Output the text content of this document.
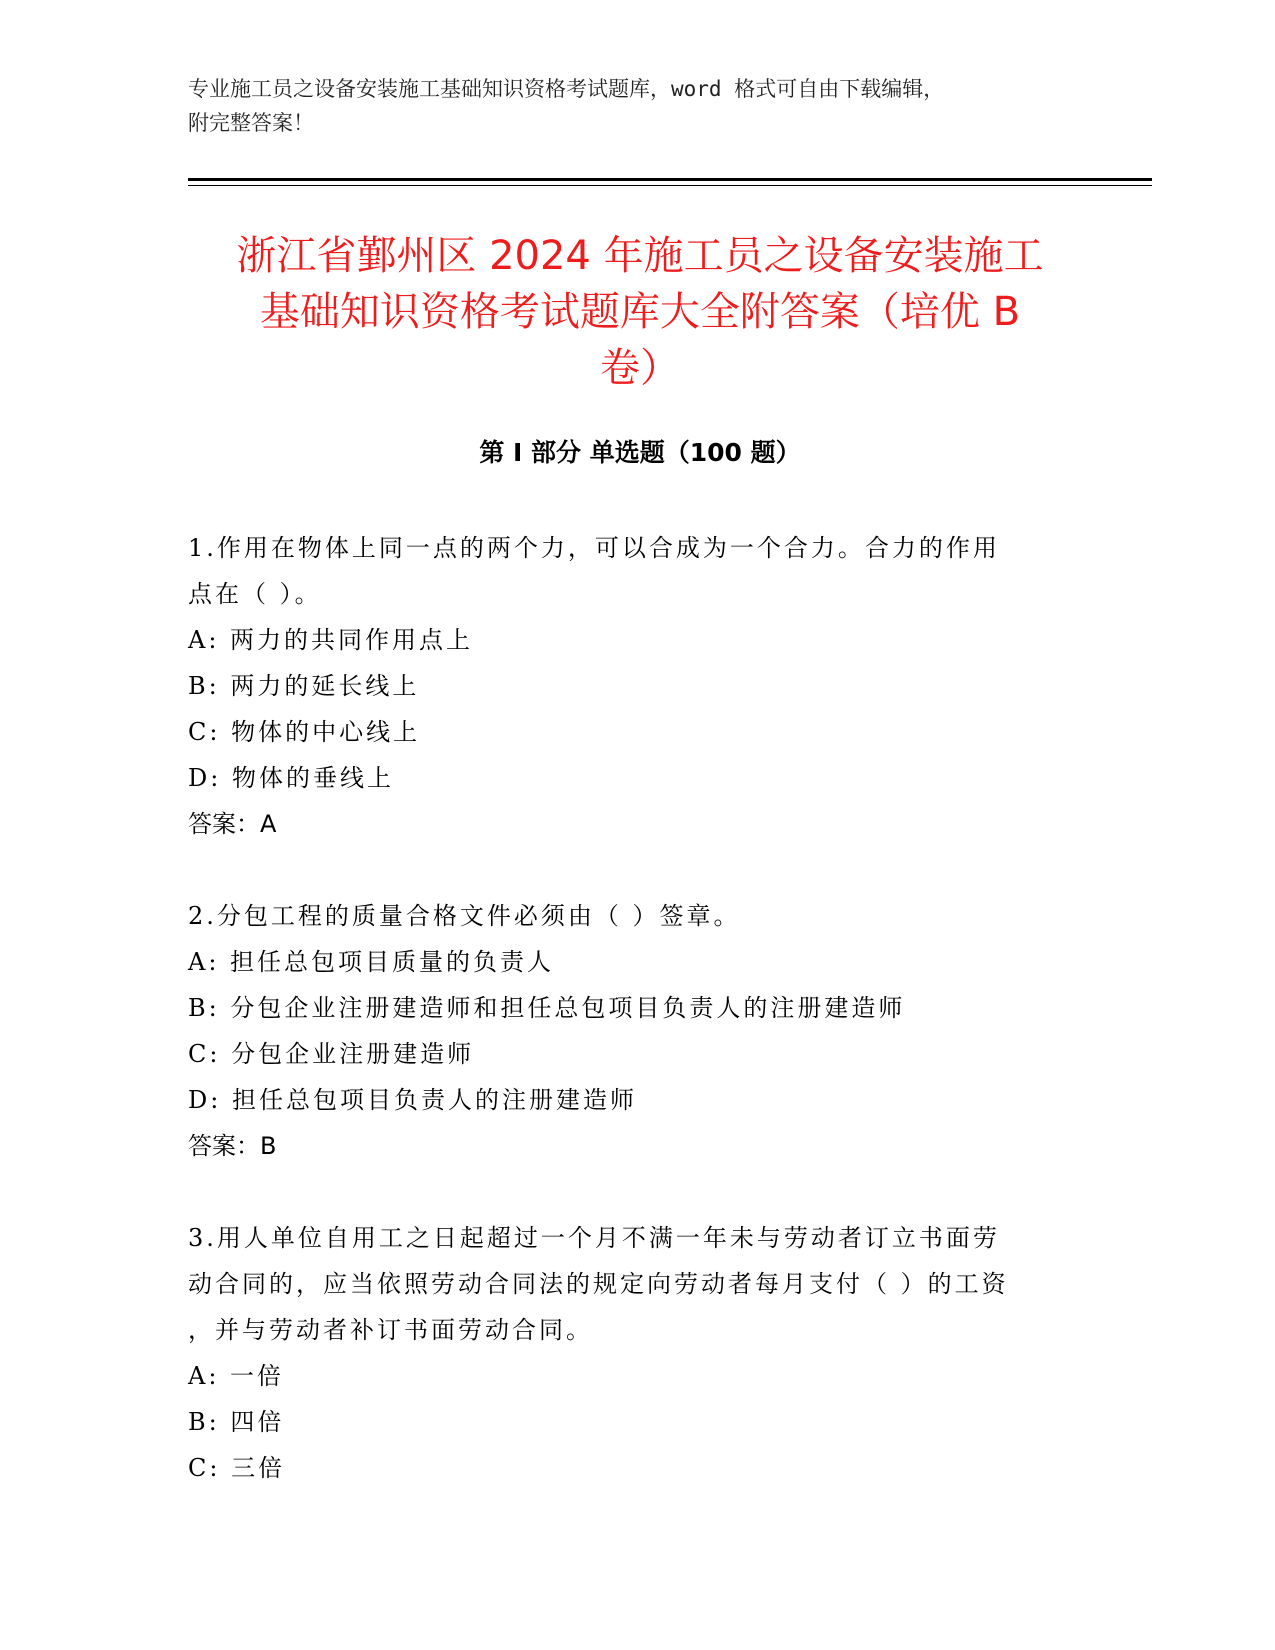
专业施工员之设备安装施工基础知识资格考试题库，word 格式可自由下载编辑，
附完整答案！
浙江省鄞州区 2024 年施工员之设备安装施工
基础知识资格考试题库大全附答案（培优 B
卷）
第 I 部分 单选题（100 题）
1.作用在物体上同一点的两个力，可以合成为一个合力。合力的作用
点在（ ）。
A: 两力的共同作用点上
B: 两力的延长线上
C: 物体的中心线上
D: 物体的垂线上
答案：A
2.分包工程的质量合格文件必须由（ ）签章。
A: 担任总包项目质量的负责人
B: 分包企业注册建造师和担任总包项目负责人的注册建造师
C: 分包企业注册建造师
D: 担任总包项目负责人的注册建造师
答案：B
3.用人单位自用工之日起超过一个月不满一年未与劳动者订立书面劳
动合同的，应当依照劳动合同法的规定向劳动者每月支付（ ）的工资
，并与劳动者补订书面劳动合同。
A: 一倍
B: 四倍
C: 三倍
